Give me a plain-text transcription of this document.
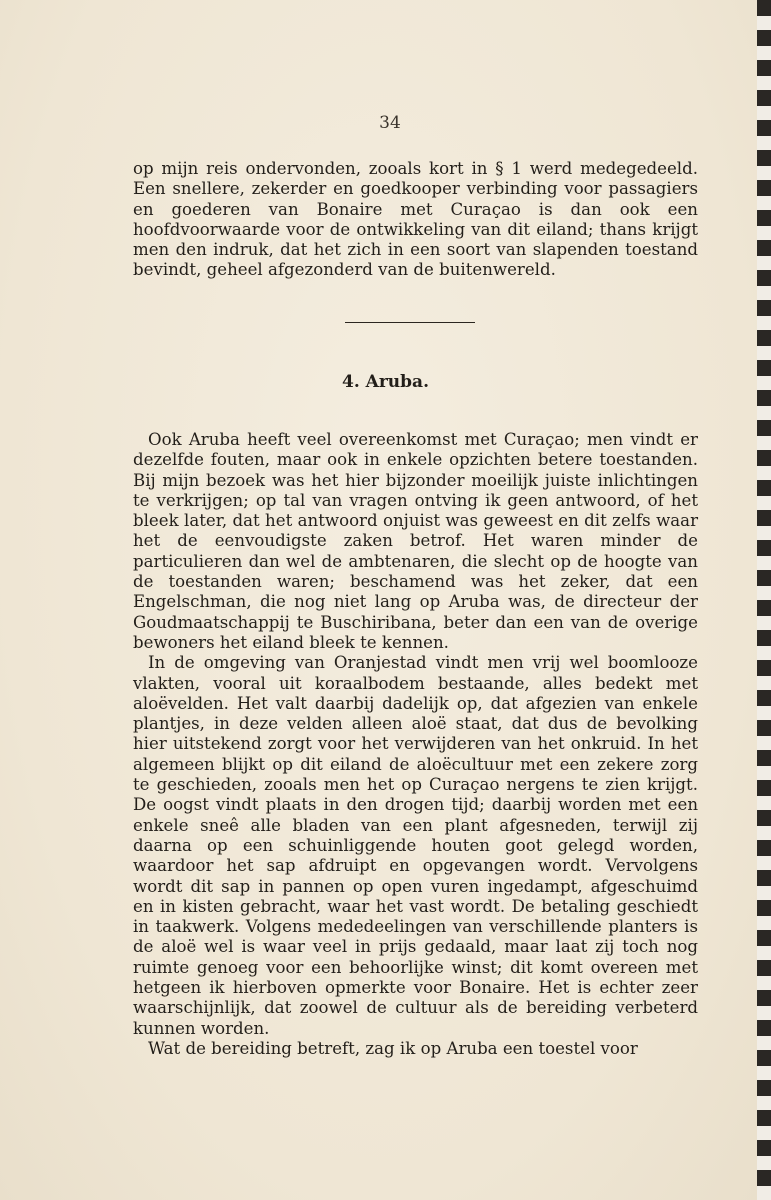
34

op mijn reis ondervonden, zooals kort in § 1 werd medegedeeld. Een snellere, zekerder en goedkooper verbinding voor passagiers en goederen van Bonaire met Curaçao is dan ook een hoofdvoorwaarde voor de ontwikkeling van dit eiland; thans krijgt men den indruk, dat het zich in een soort van slapenden toestand bevindt, geheel afgezonderd van de buitenwereld.

4. Aruba.

Ook Aruba heeft veel overeenkomst met Curaçao; men vindt er dezelfde fouten, maar ook in enkele opzichten betere toestanden. Bij mijn bezoek was het hier bijzonder moeilijk juiste inlichtingen te verkrijgen; op tal van vragen ontving ik geen antwoord, of het bleek later, dat het antwoord onjuist was geweest en dit zelfs waar het de eenvoudigste zaken betrof. Het waren minder de particulieren dan wel de ambtenaren, die slecht op de hoogte van de toestanden waren; beschamend was het zeker, dat een Engelschman, die nog niet lang op Aruba was, de directeur der Goudmaatschappij te Buschiribana, beter dan een van de overige bewoners het eiland bleek te kennen.

In de omgeving van Oranjestad vindt men vrij wel boomlooze vlakten, vooral uit koraalbodem bestaande, alles bedekt met aloëvelden. Het valt daarbij dadelijk op, dat afgezien van enkele plantjes, in deze velden alleen aloë staat, dat dus de bevolking hier uitstekend zorgt voor het verwijderen van het onkruid. In het algemeen blijkt op dit eiland de aloëcultuur met een zekere zorg te geschieden, zooals men het op Curaçao nergens te zien krijgt. De oogst vindt plaats in den drogen tijd; daarbij worden met een enkele sneê alle bladen van een plant afgesneden, terwijl zij daarna op een schuinliggende houten goot gelegd worden, waardoor het sap afdruipt en opgevangen wordt. Vervolgens wordt dit sap in pannen op open vuren ingedampt, afgeschuimd en in kisten gebracht, waar het vast wordt. De betaling geschiedt in taakwerk. Volgens mededeelingen van verschillende planters is de aloë wel is waar veel in prijs gedaald, maar laat zij toch nog ruimte genoeg voor een behoorlijke winst; dit komt overeen met hetgeen ik hierboven opmerkte voor Bonaire. Het is echter zeer waarschijnlijk, dat zoowel de cultuur als de bereiding verbeterd kunnen worden.

Wat de bereiding betreft, zag ik op Aruba een toestel voor
